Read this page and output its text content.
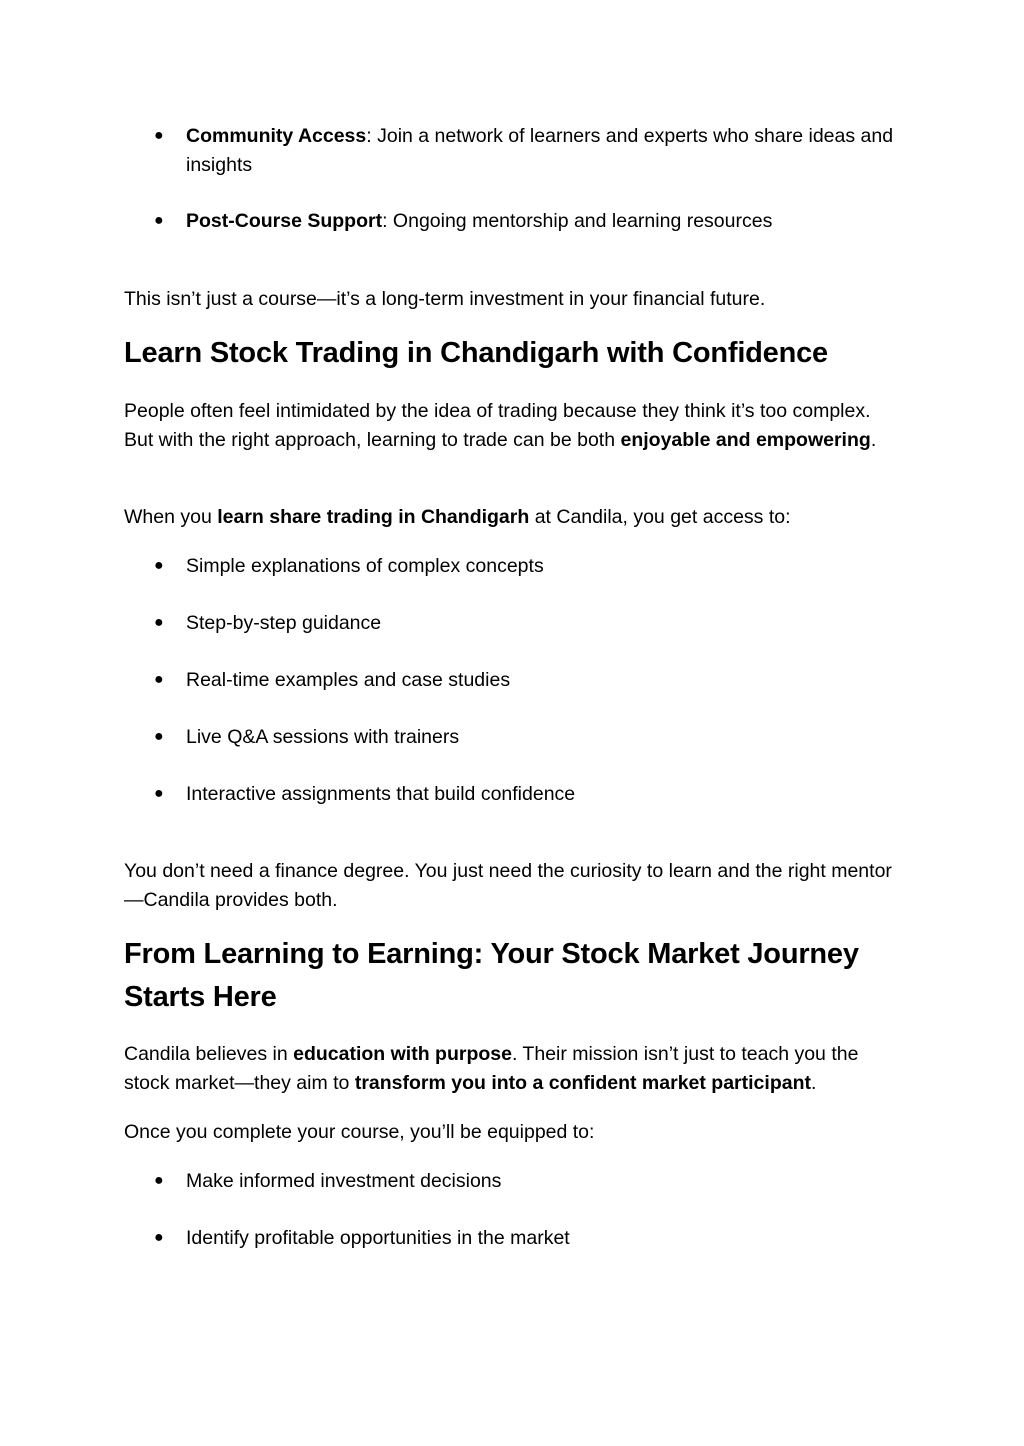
● Community Access: Join a network of learners and experts who share ideas and insights
● Post-Course Support: Ongoing mentorship and learning resources

This isn’t just a course—it’s a long-term investment in your financial future.

Learn Stock Trading in Chandigarh with Confidence

People often feel intimidated by the idea of trading because they think it’s too complex. But with the right approach, learning to trade can be both enjoyable and empowering.

When you learn share trading in Chandigarh at Candila, you get access to:

● Simple explanations of complex concepts
● Step-by-step guidance
● Real-time examples and case studies
● Live Q&A sessions with trainers
● Interactive assignments that build confidence

You don’t need a finance degree. You just need the curiosity to learn and the right mentor—Candila provides both.

From Learning to Earning: Your Stock Market Journey Starts Here

Candila believes in education with purpose. Their mission isn’t just to teach you the stock market—they aim to transform you into a confident market participant.

Once you complete your course, you’ll be equipped to:

● Make informed investment decisions
● Identify profitable opportunities in the market
